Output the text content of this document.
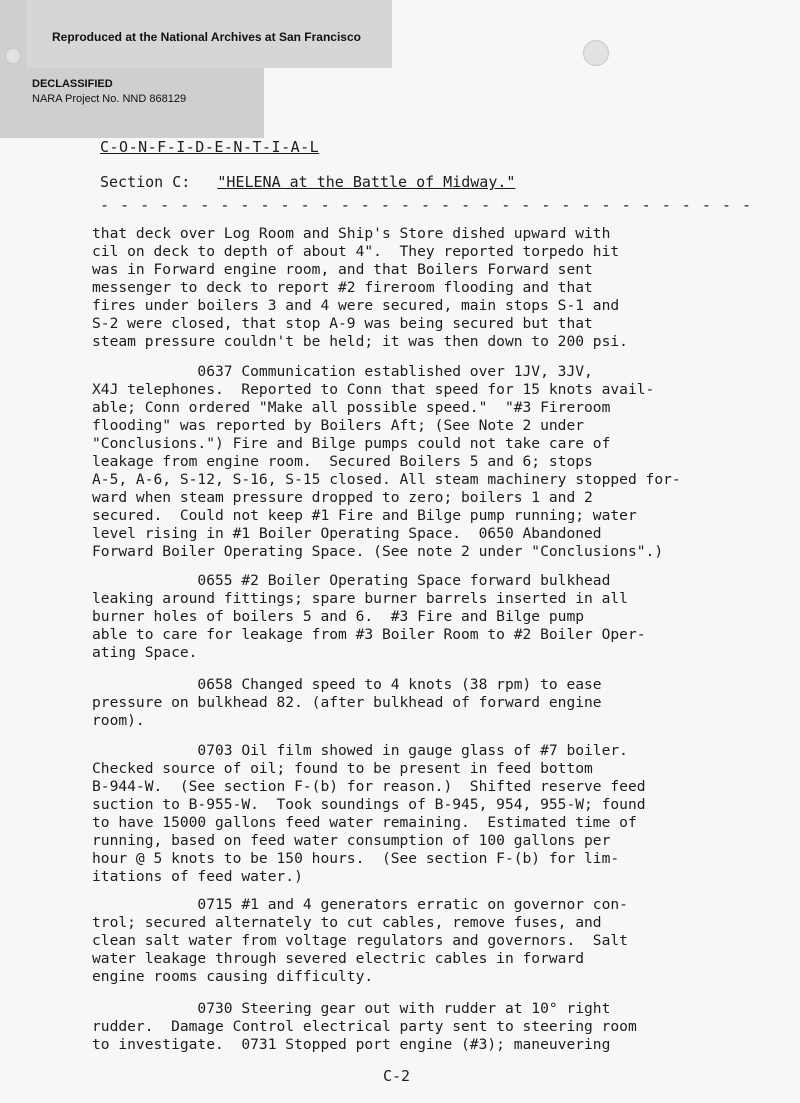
Reproduced at the National Archives at San Francisco
DECLASSIFIED
NARA Project No. NND 868129
C-O-N-F-I-D-E-N-T-I-A-L
Section C: "HELENA at the Battle of Midway."
- - - - - - - - - - - - - - - - - - - - - - - - - - - - - - - - -
that deck over Log Room and Ship's Store dished upward with
cil on deck to depth of about 4".  They reported torpedo hit
was in Forward engine room, and that Boilers Forward sent
messenger to deck to report #2 fireroom flooding and that
fires under boilers 3 and 4 were secured, main stops S-1 and
S-2 were closed, that stop A-9 was being secured but that
steam pressure couldn't be held; it was then down to 200 psi.
0637 Communication established over 1JV, 3JV,
X4J telephones.  Reported to Conn that speed for 15 knots avail-
able; Conn ordered "Make all possible speed."  "#3 Fireroom
flooding" was reported by Boilers Aft; (See Note 2 under
"Conclusions.") Fire and Bilge pumps could not take care of
leakage from engine room.  Secured Boilers 5 and 6; stops
A-5, A-6, S-12, S-16, S-15 closed. All steam machinery stopped for-
ward when steam pressure dropped to zero; boilers 1 and 2
secured.  Could not keep #1 Fire and Bilge pump running; water
level rising in #1 Boiler Operating Space.  0650 Abandoned
Forward Boiler Operating Space. (See note 2 under "Conclusions".)
0655 #2 Boiler Operating Space forward bulkhead
leaking around fittings; spare burner barrels inserted in all
burner holes of boilers 5 and 6.  #3 Fire and Bilge pump
able to care for leakage from #3 Boiler Room to #2 Boiler Oper-
ating Space.
0658 Changed speed to 4 knots (38 rpm) to ease
pressure on bulkhead 82. (after bulkhead of forward engine
room).
0703 Oil film showed in gauge glass of #7 boiler.
Checked source of oil; found to be present in feed bottom
B-944-W.  (See section F-(b) for reason.)  Shifted reserve feed
suction to B-955-W.  Took soundings of B-945, 954, 955-W; found
to have 15000 gallons feed water remaining.  Estimated time of
running, based on feed water consumption of 100 gallons per
hour @ 5 knots to be 150 hours.  (See section F-(b) for lim-
itations of feed water.)
0715 #1 and 4 generators erratic on governor con-
trol; secured alternately to cut cables, remove fuses, and
clean salt water from voltage regulators and governors.  Salt
water leakage through severed electric cables in forward
engine rooms causing difficulty.
0730 Steering gear out with rudder at 10° right
rudder.  Damage Control electrical party sent to steering room
to investigate.  0731 Stopped port engine (#3); maneuvering
C-2
